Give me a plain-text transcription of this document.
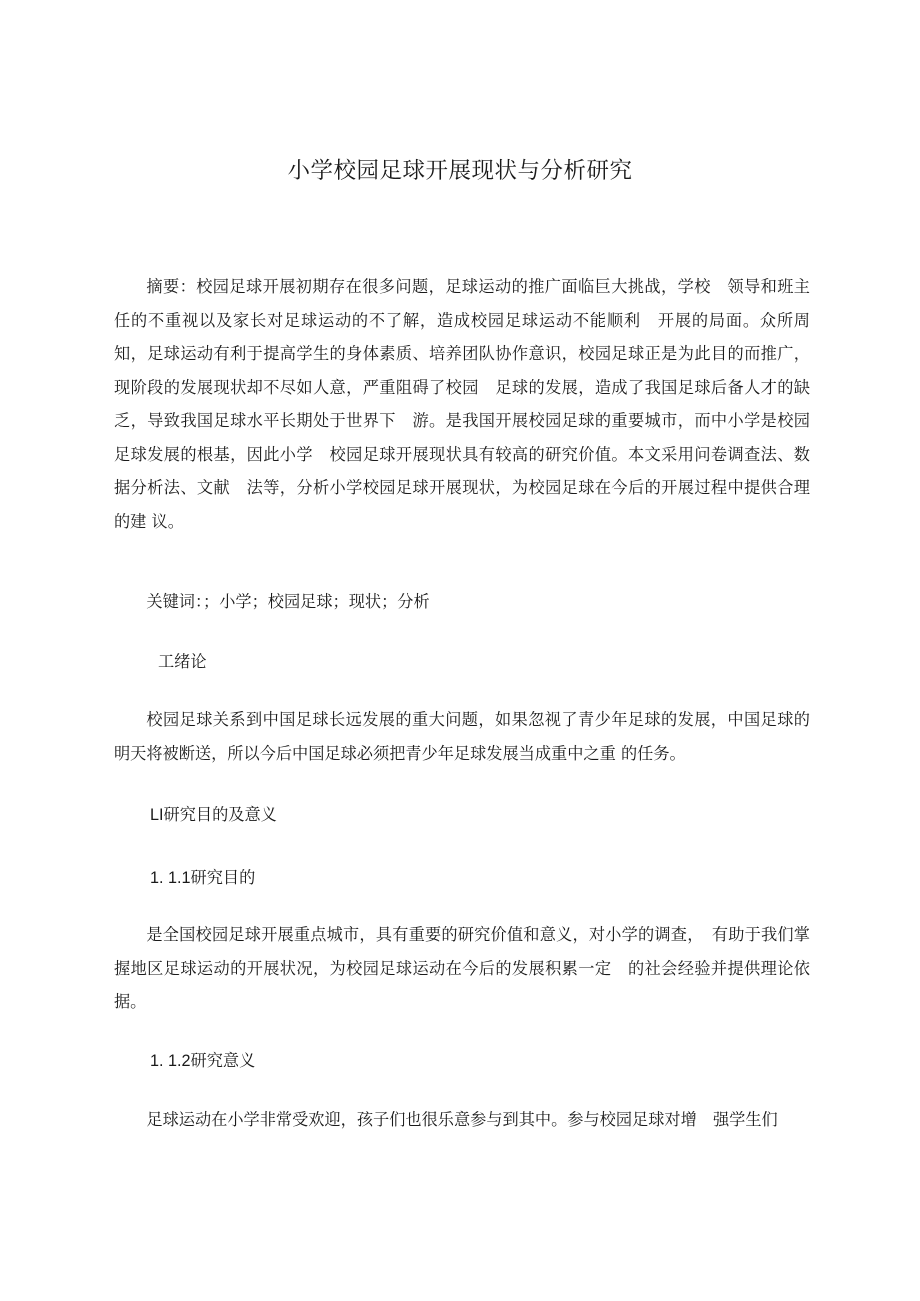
小学校园足球开展现状与分析研究

摘要：校园足球开展初期存在很多问题，足球运动的推广面临巨大挑战，学校　领导和班主任的不重视以及家长对足球运动的不了解，造成校园足球运动不能顺利　开展的局面。众所周知，足球运动有利于提高学生的身体素质、培养团队协作意识，校园足球正是为此目的而推广，现阶段的发展现状却不尽如人意，严重阻碍了校园　足球的发展，造成了我国足球后备人才的缺乏，导致我国足球水平长期处于世界下　游。是我国开展校园足球的重要城市，而中小学是校园足球发展的根基，因此小学　校园足球开展现状具有较高的研究价值。本文采用问卷调查法、数据分析法、文献　法等，分析小学校园足球开展现状，为校园足球在今后的开展过程中提供合理的建 议。

关键词：；小学；校园足球；现状；分析

工绪论

校园足球关系到中国足球长远发展的重大问题，如果忽视了青少年足球的发展，中国足球的明天将被断送，所以今后中国足球必须把青少年足球发展当成重中之重 的任务。

LI研究目的及意义

1. 1.1研究目的

是全国校园足球开展重点城市，具有重要的研究价值和意义，对小学的调查，　有助于我们掌握地区足球运动的开展状况，为校园足球运动在今后的发展积累一定　的社会经验并提供理论依据。

1. 1.2研究意义

足球运动在小学非常受欢迎，孩子们也很乐意参与到其中。参与校园足球对增　强学生们
